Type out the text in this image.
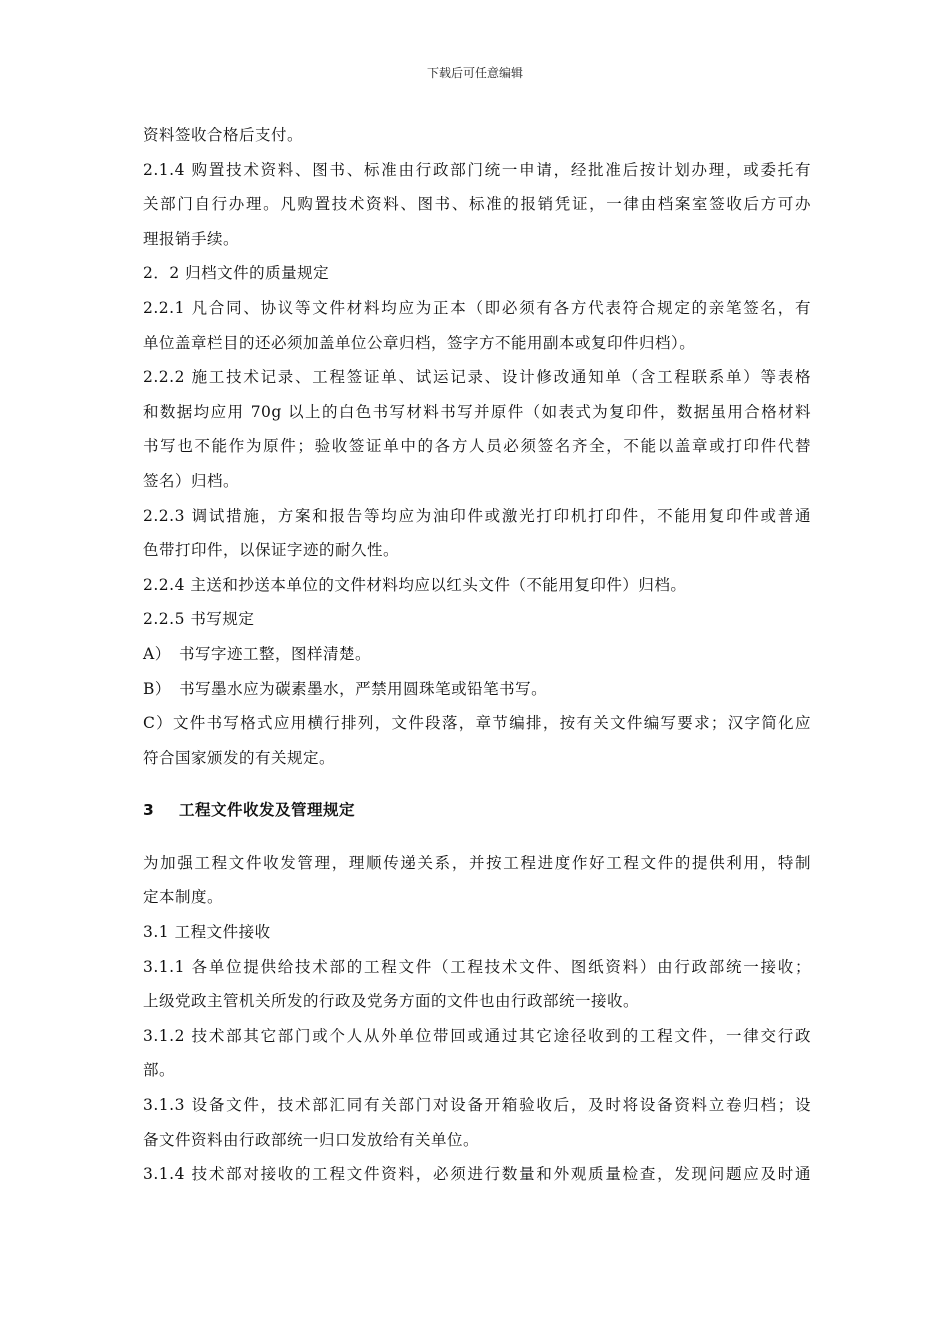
下载后可任意编辑
资料签收合格后支付。
2.1.4 购置技术资料、图书、标准由行政部门统一申请，经批准后按计划办理，或委托有
关部门自行办理。凡购置技术资料、图书、标准的报销凭证，一律由档案室签收后方可办
理报销手续。
2．2 归档文件的质量规定
2.2.1 凡合同、协议等文件材料均应为正本（即必须有各方代表符合规定的亲笔签名，有
单位盖章栏目的还必须加盖单位公章归档，签字方不能用副本或复印件归档）。
2.2.2 施工技术记录、工程签证单、试运记录、设计修改通知单（含工程联系单）等表格
和数据均应用 70g 以上的白色书写材料书写并原件（如表式为复印件，数据虽用合格材料
书写也不能作为原件；验收签证单中的各方人员必须签名齐全，不能以盖章或打印件代替
签名）归档。
2.2.3 调试措施，方案和报告等均应为油印件或激光打印机打印件，不能用复印件或普通
色带打印件，以保证字迹的耐久性。
2.2.4 主送和抄送本单位的文件材料均应以红头文件（不能用复印件）归档。
2.2.5 书写规定
A）　书写字迹工整，图样清楚。
B）　书写墨水应为碳素墨水，严禁用圆珠笔或铅笔书写。
C）文件书写格式应用横行排列，文件段落，章节编排，按有关文件编写要求；汉字简化应
符合国家颁发的有关规定。
3 工程文件收发及管理规定
为加强工程文件收发管理，理顺传递关系，并按工程进度作好工程文件的提供利用，特制
定本制度。
3.1 工程文件接收
3.1.1 各单位提供给技术部的工程文件（工程技术文件、图纸资料）由行政部统一接收；
上级党政主管机关所发的行政及党务方面的文件也由行政部统一接收。
3.1.2 技术部其它部门或个人从外单位带回或通过其它途径收到的工程文件，一律交行政
部。
3.1.3 设备文件，技术部汇同有关部门对设备开箱验收后，及时将设备资料立卷归档；设
备文件资料由行政部统一归口发放给有关单位。
3.1.4 技术部对接收的工程文件资料，必须进行数量和外观质量检查，发现问题应及时通
